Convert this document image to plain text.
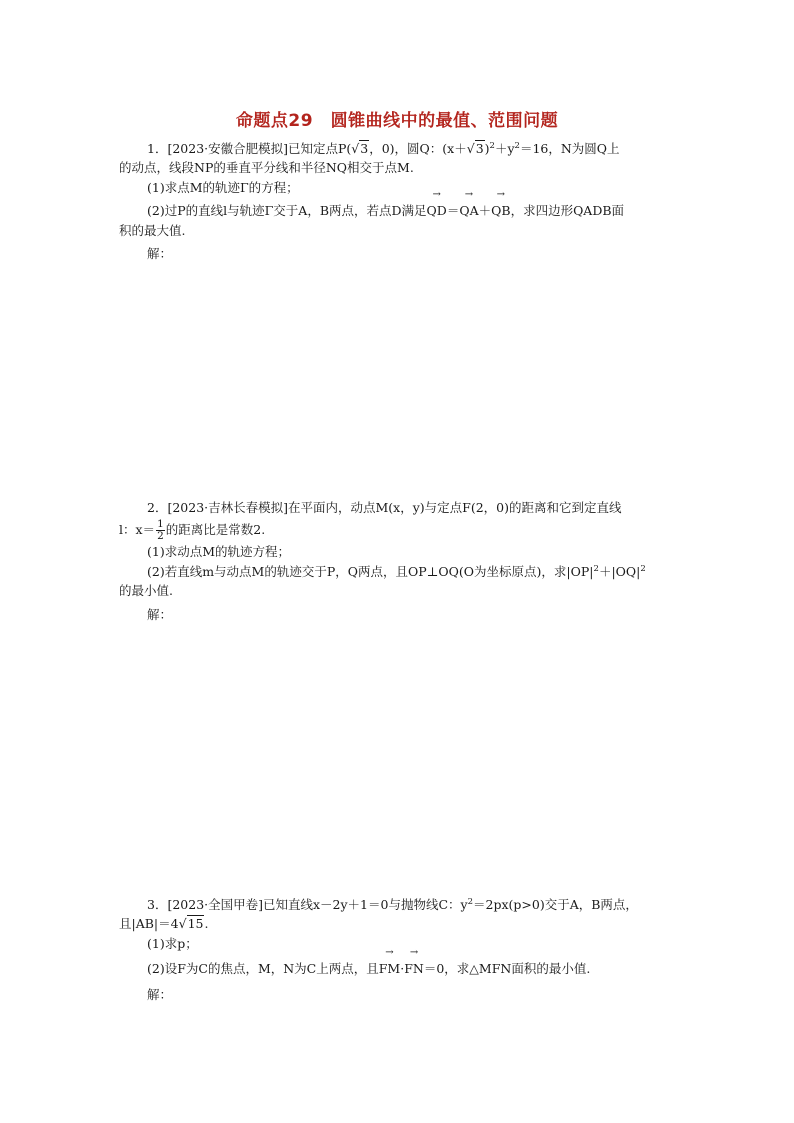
命题点29　圆锥曲线中的最值、范围问题
1．[2023·安徽合肥模拟]已知定点P(√3，0)，圆Q：$(x+√3)^2+y^2=16$，N为圆Q上
的动点，线段NP的垂直平分线和半径NQ相交于点M.
(1)求点M的轨迹Γ的方程；
(2)过P的直线l与轨迹Γ交于A，B两点，若点D满足→ QD＝→ QA＋→ QB，求四边形QADB面
积的最大值.
解：
2．[2023·吉林长春模拟]在平面内，动点M(x，y)与定点F(2，0)的距离和它到定直线
l：$x= \frac{1}{2}$ 的距离比是常数2.
(1)求动点M的轨迹方程；
(2)若直线m与动点M的轨迹交于P，Q两点，且OP⊥OQ(O为坐标原点)，求$|OP|^2+|OQ|^2$
的最小值.
解：
3．[2023·全国甲卷]已知直线x－2y＋1＝0与抛物线C：$y^2=2px(p>0)$交于A，B两点，
且|AB|＝4√15.
(1)求p；
(2)设F为C的焦点，M，N为C上两点，且→ FM·→ FN＝0，求△MFN面积的最小值.
解：
